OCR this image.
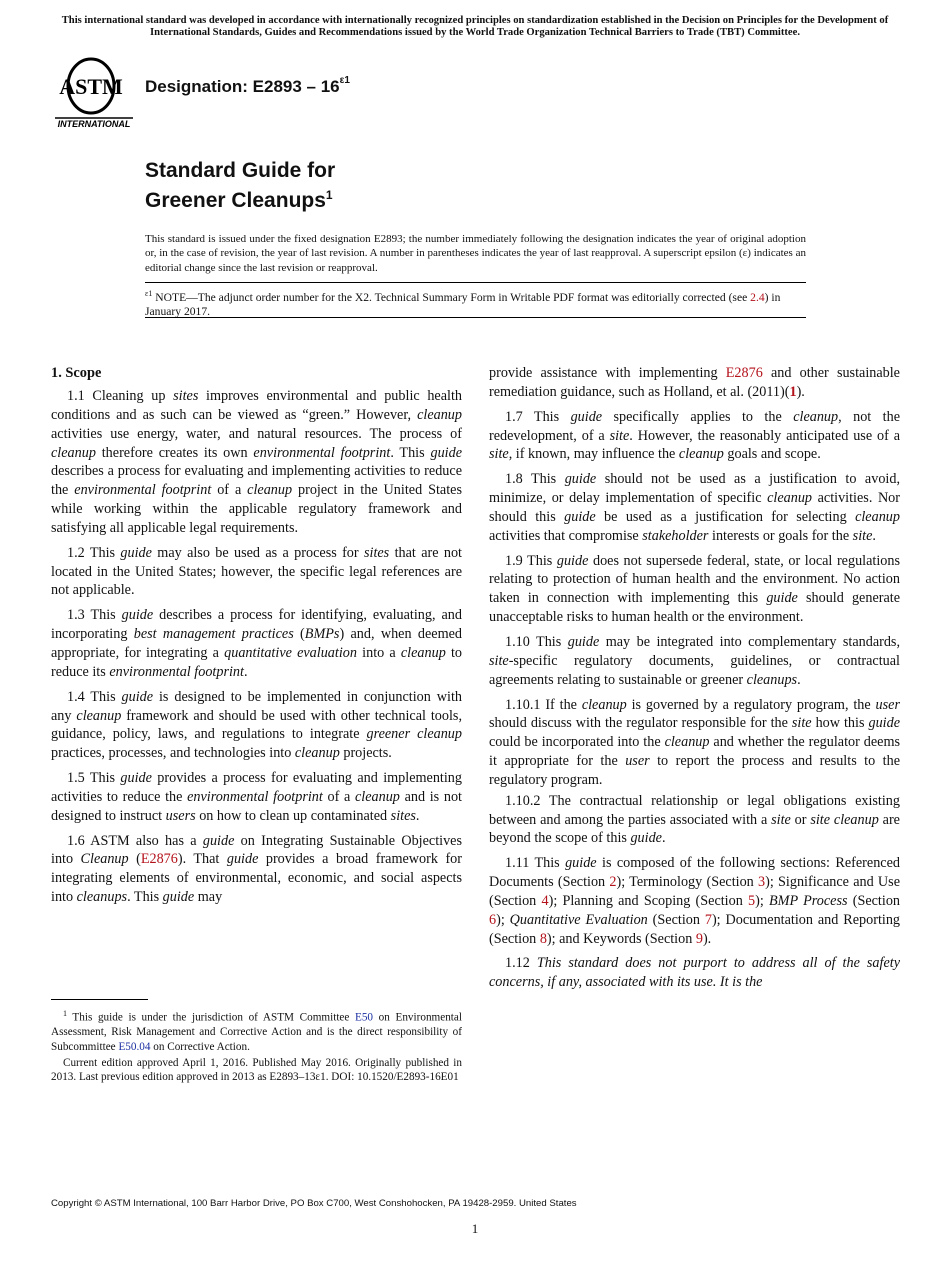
This international standard was developed in accordance with internationally recognized principles on standardization established in the Decision on Principles for the Development of International Standards, Guides and Recommendations issued by the World Trade Organization Technical Barriers to Trade (TBT) Committee.
ASTM
INTERNATIONAL
Designation: $E2893 - 16^{\varepsilon 1}$
Standard Guide for
Greener Cleanups$^1$
This standard is issued under the fixed designation E2893; the number immediately following the designation indicates the year of original adoption or, in the case of revision, the year of last revision. A number in parentheses indicates the year of last reapproval. A superscript epsilon (ε) indicates an editorial change since the last revision or reapproval.
$^{\varepsilon 1}$ NOTE—The adjunct order number for the X2. Technical Summary Form in Writable PDF format was editorially corrected (see 2.4) in January 2017.
1. Scope

1.1 Cleaning up sites improves environmental and public health conditions and as such can be viewed as “green.” However, cleanup activities use energy, water, and natural resources. The process of cleanup therefore creates its own environmental footprint. This guide describes a process for evaluating and implementing activities to reduce the environmental footprint of a cleanup project in the United States while working within the applicable regulatory framework and satisfying all applicable legal requirements.

1.2 This guide may also be used as a process for sites that are not located in the United States; however, the specific legal references are not applicable.

1.3 This guide describes a process for identifying, evaluating, and incorporating best management practices (BMPs) and, when deemed appropriate, for integrating a quantitative evaluation into a cleanup to reduce its environmental footprint.

1.4 This guide is designed to be implemented in conjunction with any cleanup framework and should be used with other technical tools, guidance, policy, laws, and regulations to integrate greener cleanup practices, processes, and technologies into cleanup projects.

1.5 This guide provides a process for evaluating and implementing activities to reduce the environmental footprint of a cleanup and is not designed to instruct users on how to clean up contaminated sites.

1.6 ASTM also has a guide on Integrating Sustainable Objectives into Cleanup (E2876). That guide provides a broad framework for integrating elements of environmental, economic, and social aspects into cleanups. This guide may

provide assistance with implementing E2876 and other sustainable remediation guidance, such as Holland, et al. (2011)(1).

1.7 This guide specifically applies to the cleanup, not the redevelopment, of a site. However, the reasonably anticipated use of a site, if known, may influence the cleanup goals and scope.

1.8 This guide should not be used as a justification to avoid, minimize, or delay implementation of specific cleanup activities. Nor should this guide be used as a justification for selecting cleanup activities that compromise stakeholder interests or goals for the site.

1.9 This guide does not supersede federal, state, or local regulations relating to protection of human health and the environment. No action taken in connection with implementing this guide should generate unacceptable risks to human health or the environment.

1.10 This guide may be integrated into complementary standards, site-specific regulatory documents, guidelines, or contractual agreements relating to sustainable or greener cleanups.

1.10.1 If the cleanup is governed by a regulatory program, the user should discuss with the regulator responsible for the site how this guide could be incorporated into the cleanup and whether the regulator deems it appropriate for the user to report the process and results to the regulatory program.

1.10.2 The contractual relationship or legal obligations existing between and among the parties associated with a site or site cleanup are beyond the scope of this guide.

1.11 This guide is composed of the following sections: Referenced Documents (Section 2); Terminology (Section 3); Significance and Use (Section 4); Planning and Scoping (Section 5); BMP Process (Section 6); Quantitative Evaluation (Section 7); Documentation and Reporting (Section 8); and Keywords (Section 9).

1.12 This standard does not purport to address all of the safety concerns, if any, associated with its use. It is the

$^1$ This guide is under the jurisdiction of ASTM Committee E50 on Environmental Assessment, Risk Management and Corrective Action and is the direct responsibility of Subcommittee E50.04 on Corrective Action.

Current edition approved April 1, 2016. Published May 2016. Originally published in 2013. Last previous edition approved in 2013 as E2893–13ε1. DOI: 10.1520/E2893-16E01

Copyright © ASTM International, 100 Barr Harbor Drive, PO Box C700, West Conshohocken, PA 19428-2959. United States
1
